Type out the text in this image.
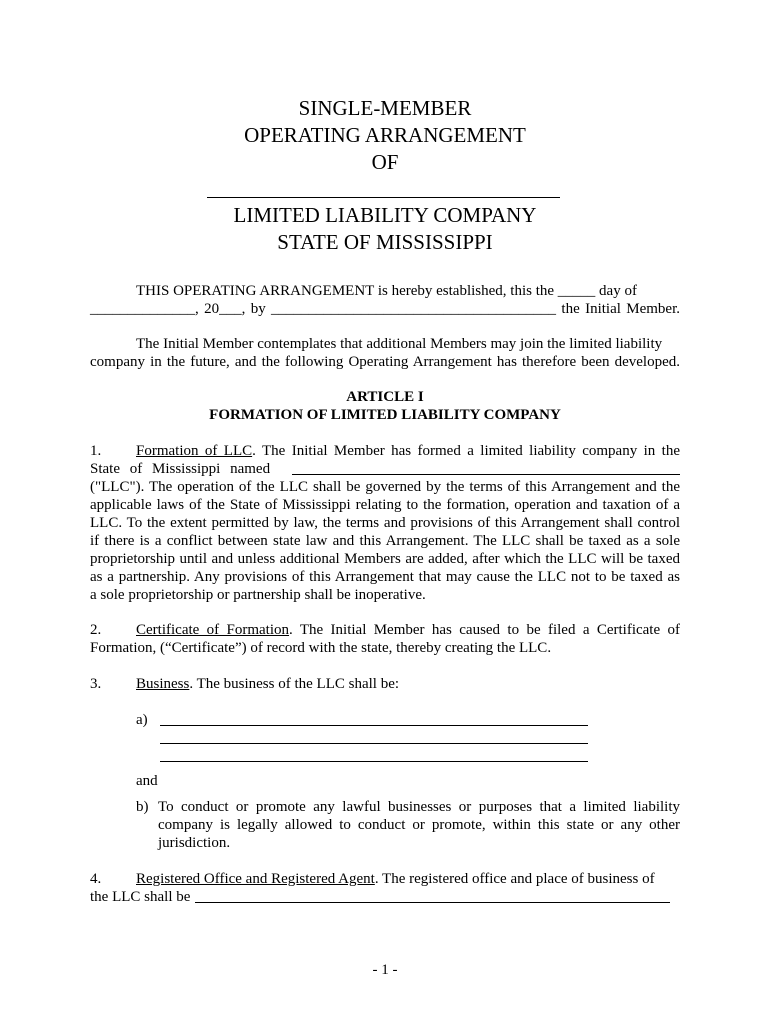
SINGLE-MEMBER
OPERATING ARRANGEMENT
OF
LIMITED LIABILITY COMPANY
STATE OF MISSISSIPPI
THIS OPERATING ARRANGEMENT is hereby established, this the _____ day of
______________, 20___, by ______________________________________ the Initial Member.
The Initial Member contemplates that additional Members may join the limited liability
company in the future, and the following Operating Arrangement has therefore been developed.
ARTICLE I
FORMATION OF LIMITED LIABILITY COMPANY
1. Formation of LLC. The Initial Member has formed a limited liability company in the
State of Mississippi named
("LLC"). The operation of the LLC shall be governed by the terms of this Arrangement and the
applicable laws of the State of Mississippi relating to the formation, operation and taxation of a
LLC. To the extent permitted by law, the terms and provisions of this Arrangement shall control
if there is a conflict between state law and this Arrangement. The LLC shall be taxed as a sole
proprietorship until and unless additional Members are added, after which the LLC will be taxed
as a partnership. Any provisions of this Arrangement that may cause the LLC not to be taxed as
a sole proprietorship or partnership shall be inoperative.
2. Certificate of Formation. The Initial Member has caused to be filed a Certificate of
Formation, (“Certificate”) of record with the state, thereby creating the LLC.
3. Business. The business of the LLC shall be:
a)
and
b) To conduct or promote any lawful businesses or purposes that a limited liability
company is legally allowed to conduct or promote, within this state or any other
jurisdiction.
4. Registered Office and Registered Agent. The registered office and place of business of
the LLC shall be
- 1 -
